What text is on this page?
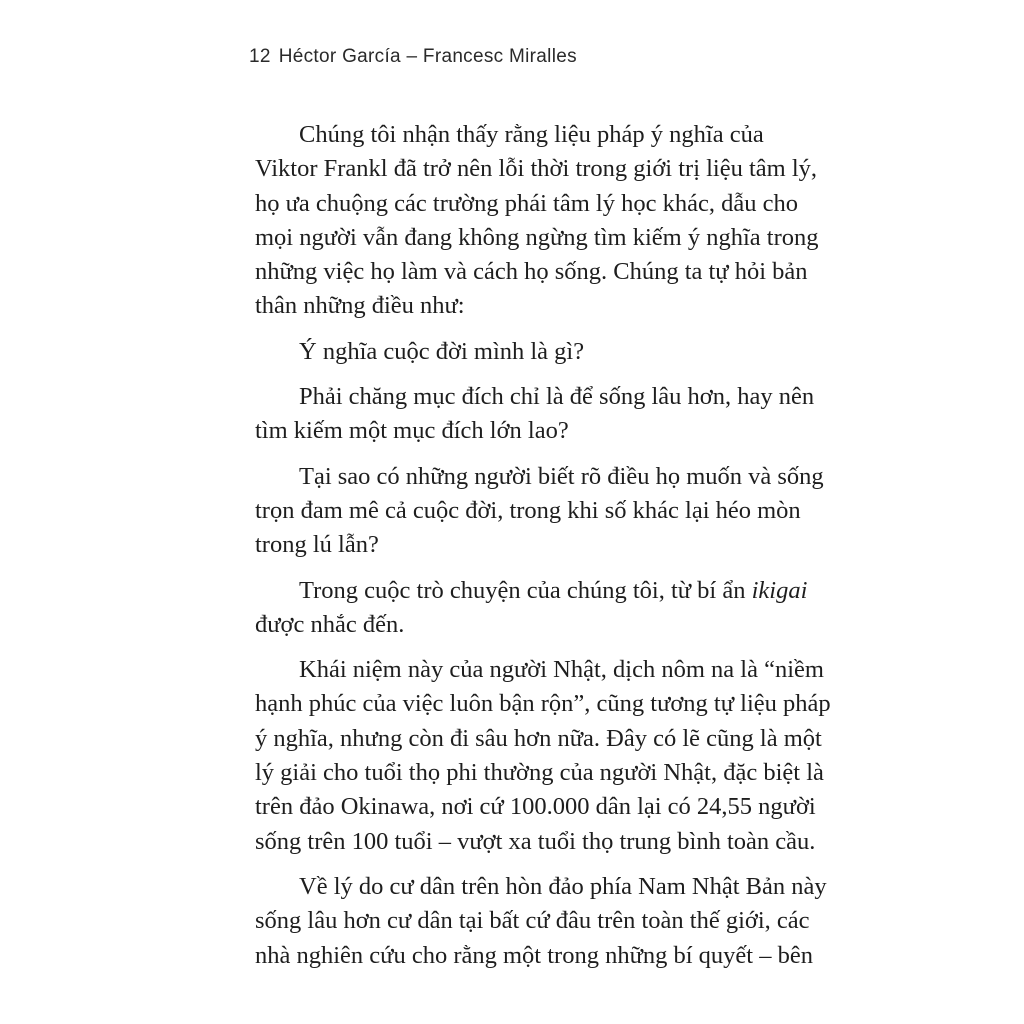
12 Héctor García – Francesc Miralles
Chúng tôi nhận thấy rằng liệu pháp ý nghĩa của
Viktor Frankl đã trở nên lỗi thời trong giới trị liệu tâm lý,
họ ưa chuộng các trường phái tâm lý học khác, dẫu cho
mọi người vẫn đang không ngừng tìm kiếm ý nghĩa trong
những việc họ làm và cách họ sống. Chúng ta tự hỏi bản
thân những điều như:
Ý nghĩa cuộc đời mình là gì?
Phải chăng mục đích chỉ là để sống lâu hơn, hay nên
tìm kiếm một mục đích lớn lao?
Tại sao có những người biết rõ điều họ muốn và sống
trọn đam mê cả cuộc đời, trong khi số khác lại héo mòn
trong lú lẫn?
Trong cuộc trò chuyện của chúng tôi, từ bí ẩn ikigai
được nhắc đến.
Khái niệm này của người Nhật, dịch nôm na là “niềm
hạnh phúc của việc luôn bận rộn”, cũng tương tự liệu pháp
ý nghĩa, nhưng còn đi sâu hơn nữa. Đây có lẽ cũng là một
lý giải cho tuổi thọ phi thường của người Nhật, đặc biệt là
trên đảo Okinawa, nơi cứ 100.000 dân lại có 24,55 người
sống trên 100 tuổi – vượt xa tuổi thọ trung bình toàn cầu.
Về lý do cư dân trên hòn đảo phía Nam Nhật Bản này
sống lâu hơn cư dân tại bất cứ đâu trên toàn thế giới, các
nhà nghiên cứu cho rằng một trong những bí quyết – bên
